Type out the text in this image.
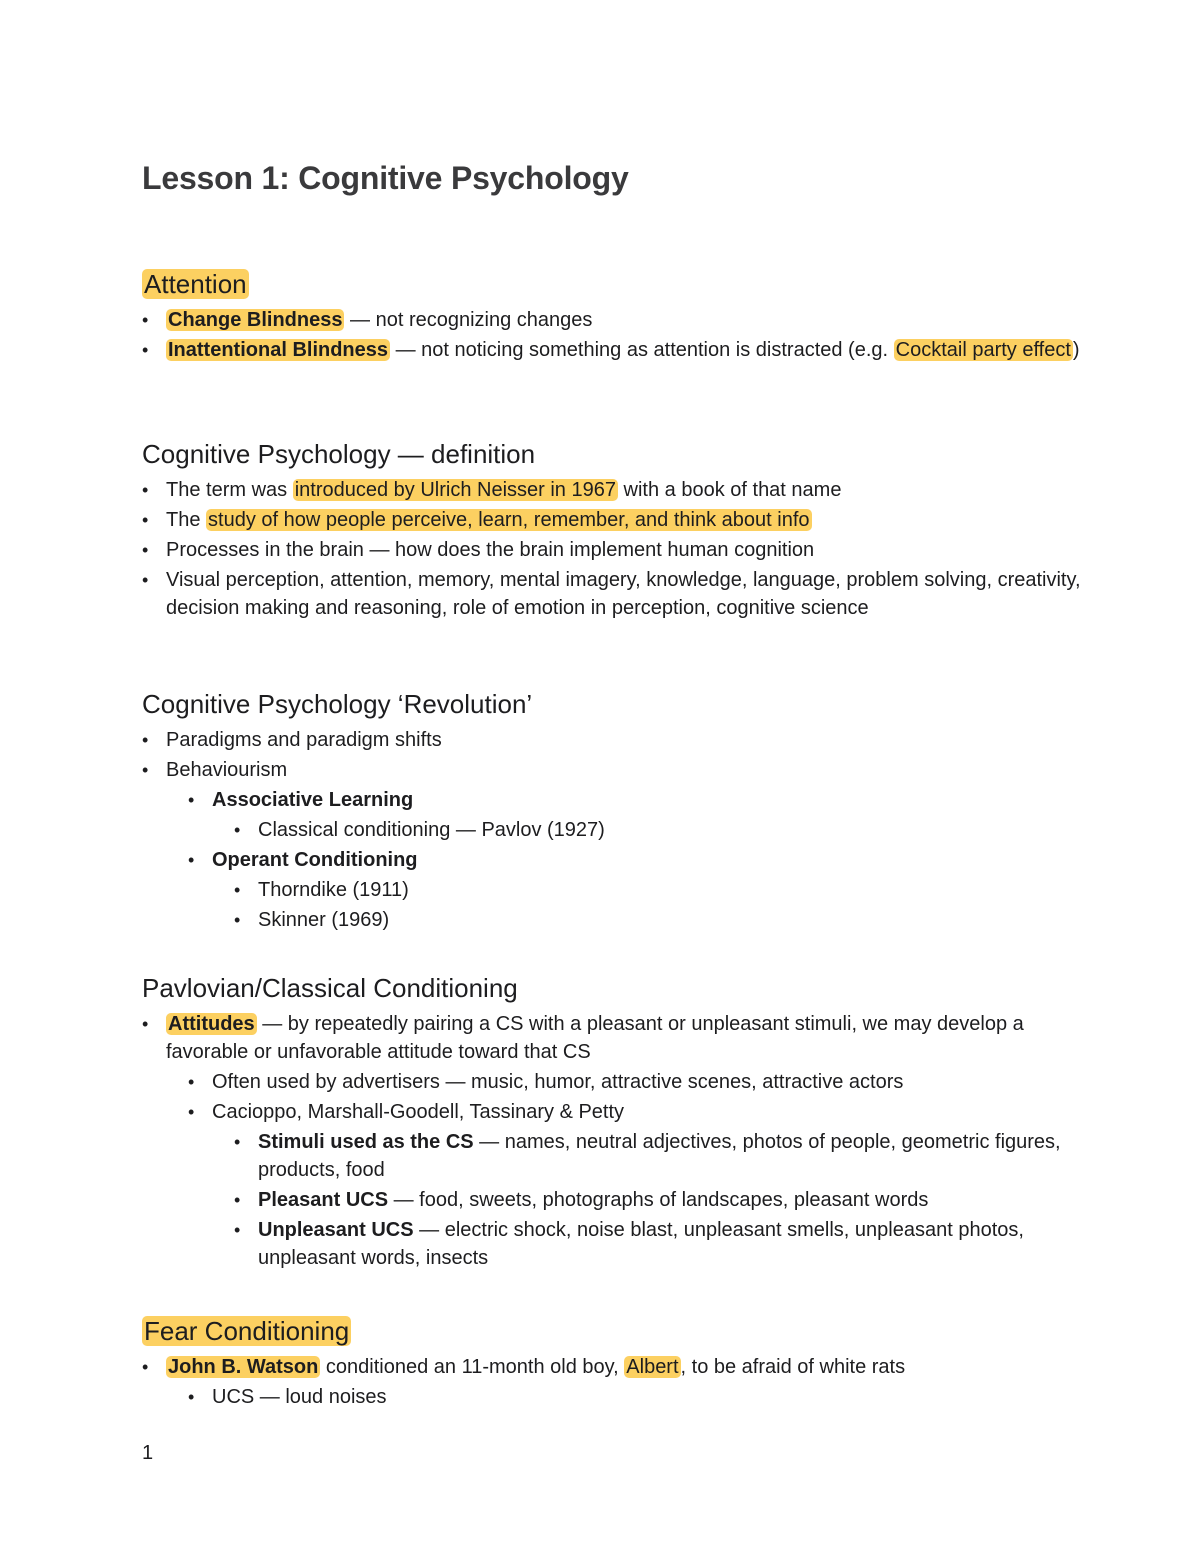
Lesson 1: Cognitive Psychology
Attention
• Change Blindness — not recognizing changes
• Inattentional Blindness — not noticing something as attention is distracted (e.g. Cocktail party effect )
Cognitive Psychology — definition
• The term was introduced by Ulrich Neisser in 1967 with a book of that name
• The study of how people perceive, learn, remember, and think about info
• Processes in the brain — how does the brain implement human cognition
• Visual perception, attention, memory, mental imagery, knowledge, language, problem solving, creativity, decision making and reasoning, role of emotion in perception, cognitive science
Cognitive Psychology ‘Revolution’
• Paradigms and paradigm shifts
• Behaviourism
• Associative Learning
• Classical conditioning — Pavlov (1927)
• Operant Conditioning
• Thorndike (1911)
• Skinner (1969)
Pavlovian/Classical Conditioning
• Attitudes — by repeatedly pairing a CS with a pleasant or unpleasant stimuli, we may develop a favorable or unfavorable attitude toward that CS
• Often used by advertisers — music, humor, attractive scenes, attractive actors
• Cacioppo, Marshall-Goodell, Tassinary & Petty
• Stimuli used as the CS — names, neutral adjectives, photos of people, geometric figures, products, food
• Pleasant UCS — food, sweets, photographs of landscapes, pleasant words
• Unpleasant UCS — electric shock, noise blast, unpleasant smells, unpleasant photos, unpleasant words, insects
Fear Conditioning
• John B. Watson conditioned an 11-month old boy, Albert , to be afraid of white rats
• UCS — loud noises
1
